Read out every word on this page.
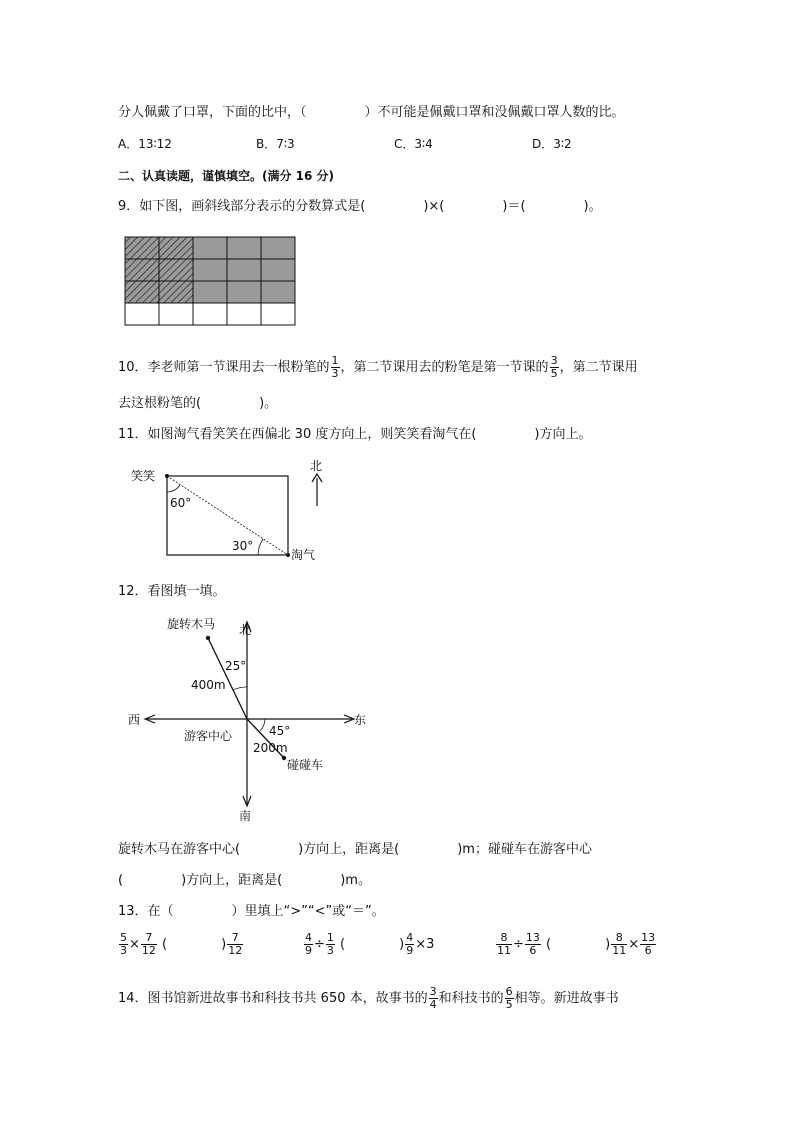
分人佩戴了口罩，下面的比中，（	）不可能是佩戴口罩和没佩戴口罩人数的比。
A．13∶12	B．7∶3	C．3∶4	D．3∶2
二、认真读题，谨慎填空。(满分 16 分)
9．如下图，画斜线部分表示的分数算式是(	)×(	)＝(	)。
10．李老师第一节课用去一根粉笔的 $\frac{1}{3}$ ，第二节课用去的粉笔是第一节课的 $\frac{3}{5}$ ，第二节课用
去这根粉笔的(	)。
11．如图淘气看笑笑在西偏北 30 度方向上，则笑笑看淘气在(	)方向上。
笑笑
淘气
60°
30°
北
12．看图填一填。
北
南
西	东
旋转木马
游客中心
碰碰车
25°
45°
400m
200m
旋转木马在游客中心(	)方向上，距离是(	)m；碰碰车在游客中心
(	)方向上，距离是(	)m。
13．在（	）里填上“>”“<”或“＝”。
$\frac{5}{3} \times \frac{7}{12}$ (	) $\frac{7}{12}$	$\frac{4}{9} \div \frac{1}{3}$ (	) $\frac{4}{9} \times 3$	$\frac{8}{11} \div \frac{13}{6}$ (	) $\frac{8}{11} \times \frac{13}{6}$
14．图书馆新进故事书和科技书共 650 本，故事书的 $\frac{3}{4}$ 和科技书的 $\frac{6}{5}$ 相等。新进故事书
